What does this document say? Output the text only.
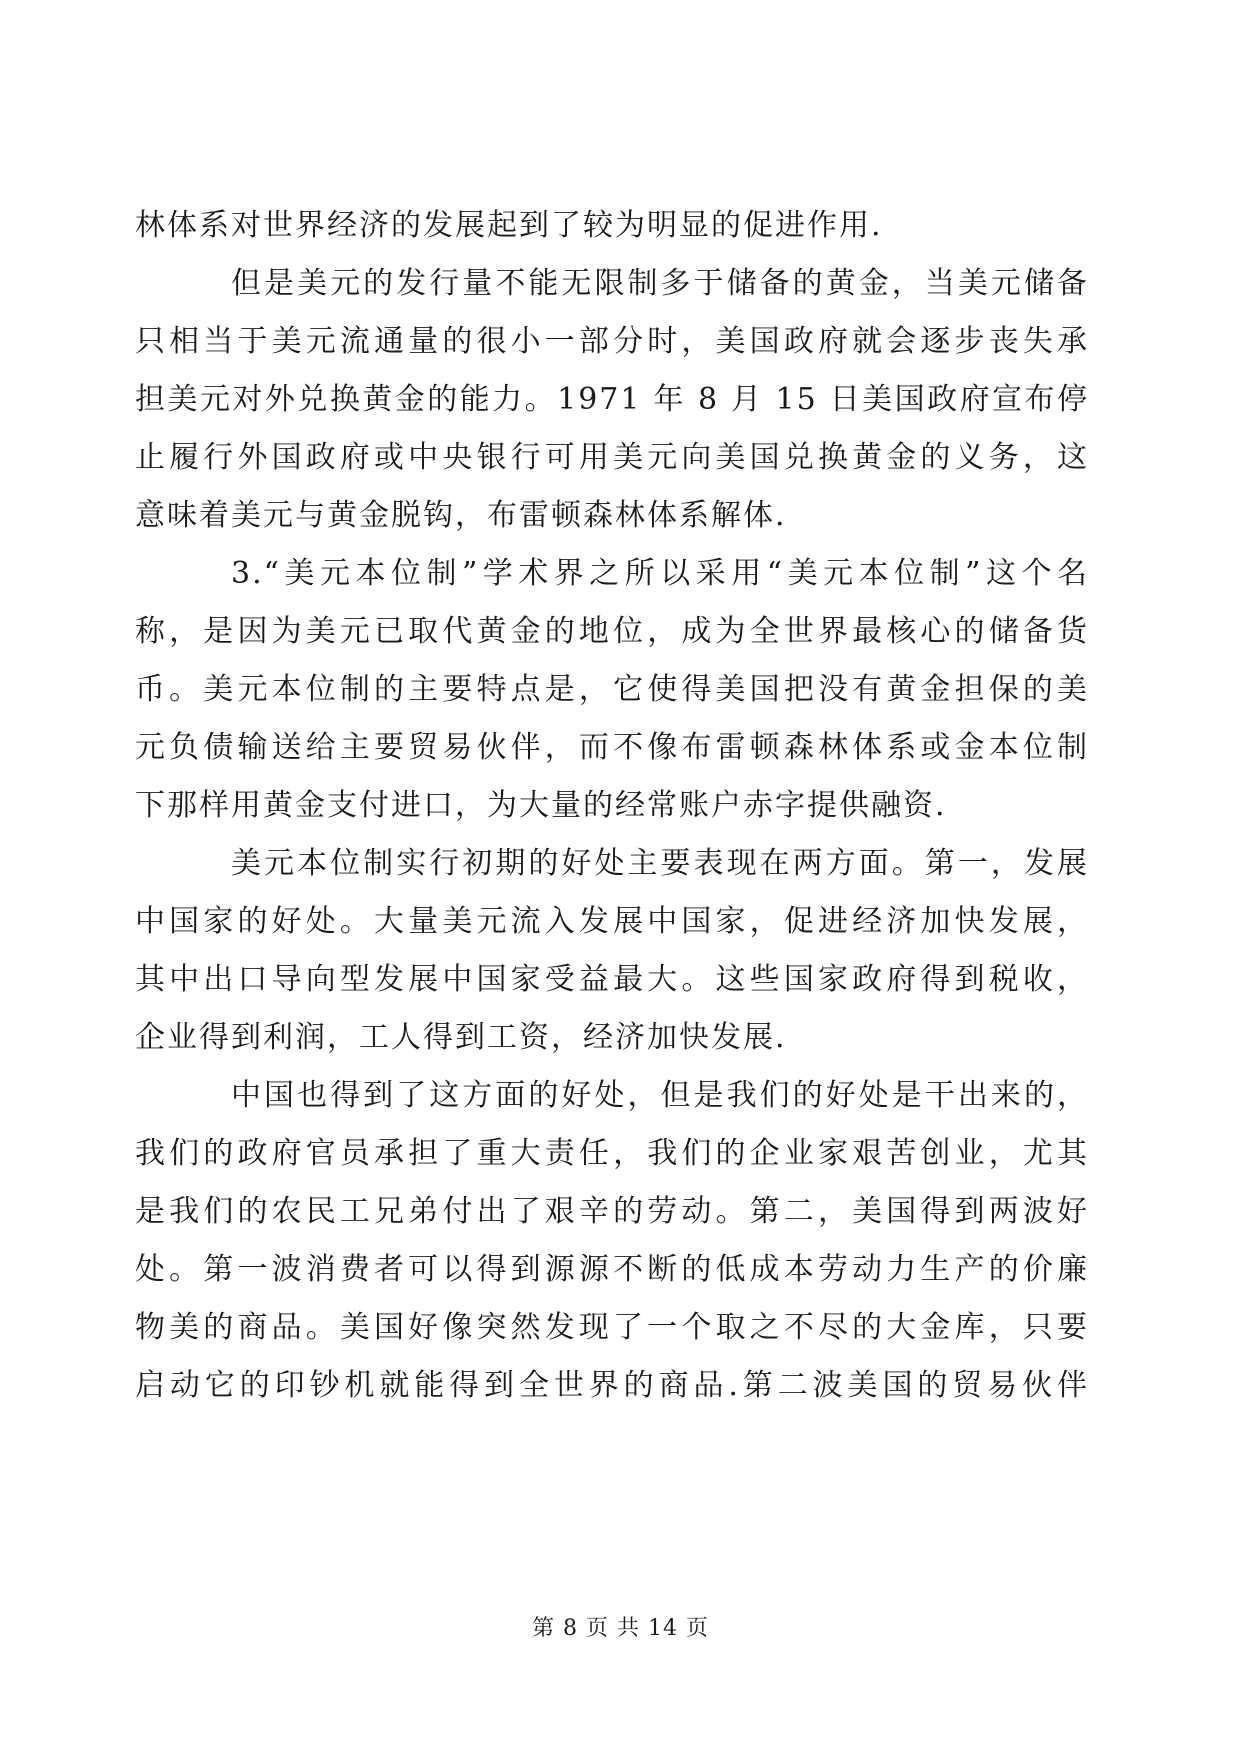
林体系对世界经济的发展起到了较为明显的促进作用.
但是美元的发行量不能无限制多于储备的黄金，当美元储备
只相当于美元流通量的很小一部分时，美国政府就会逐步丧失承
担美元对外兑换黄金的能力。1971 年 8 月 15 日美国政府宣布停
止履行外国政府或中央银行可用美元向美国兑换黄金的义务，这
意味着美元与黄金脱钩，布雷顿森林体系解体.
3.“美元本位制”学术界之所以采用“美元本位制”这个名
称，是因为美元已取代黄金的地位，成为全世界最核心的储备货
币。美元本位制的主要特点是，它使得美国把没有黄金担保的美
元负债输送给主要贸易伙伴，而不像布雷顿森林体系或金本位制
下那样用黄金支付进口，为大量的经常账户赤字提供融资.
美元本位制实行初期的好处主要表现在两方面。第一，发展
中国家的好处。大量美元流入发展中国家，促进经济加快发展，
其中出口导向型发展中国家受益最大。这些国家政府得到税收，
企业得到利润，工人得到工资，经济加快发展.
中国也得到了这方面的好处，但是我们的好处是干出来的，
我们的政府官员承担了重大责任，我们的企业家艰苦创业，尤其
是我们的农民工兄弟付出了艰辛的劳动。第二，美国得到两波好
处。第一波消费者可以得到源源不断的低成本劳动力生产的价廉
物美的商品。美国好像突然发现了一个取之不尽的大金库，只要
启动它的印钞机就能得到全世界的商品.第二波美国的贸易伙伴
第 8 页 共 14 页
